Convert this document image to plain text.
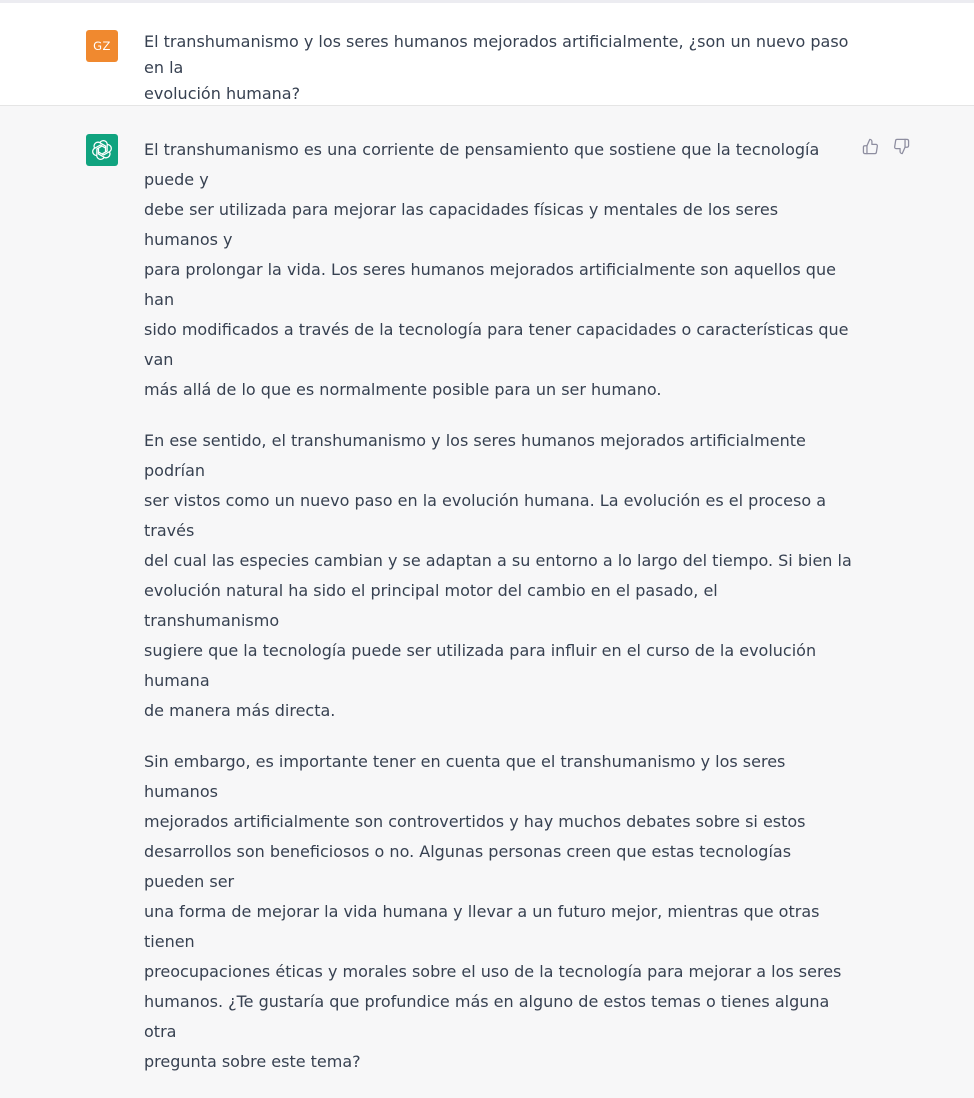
GZ	El transhumanismo y los seres humanos mejorados artificialmente, ¿son un nuevo paso en la
evolución humana?

El transhumanismo es una corriente de pensamiento que sostiene que la tecnología puede y
debe ser utilizada para mejorar las capacidades físicas y mentales de los seres humanos y
para prolongar la vida. Los seres humanos mejorados artificialmente son aquellos que han
sido modificados a través de la tecnología para tener capacidades o características que van
más allá de lo que es normalmente posible para un ser humano.

En ese sentido, el transhumanismo y los seres humanos mejorados artificialmente podrían
ser vistos como un nuevo paso en la evolución humana. La evolución es el proceso a través
del cual las especies cambian y se adaptan a su entorno a lo largo del tiempo. Si bien la
evolución natural ha sido el principal motor del cambio en el pasado, el transhumanismo
sugiere que la tecnología puede ser utilizada para influir en el curso de la evolución humana
de manera más directa.

Sin embargo, es importante tener en cuenta que el transhumanismo y los seres humanos
mejorados artificialmente son controvertidos y hay muchos debates sobre si estos
desarrollos son beneficiosos o no. Algunas personas creen que estas tecnologías pueden ser
una forma de mejorar la vida humana y llevar a un futuro mejor, mientras que otras tienen
preocupaciones éticas y morales sobre el uso de la tecnología para mejorar a los seres
humanos. ¿Te gustaría que profundice más en alguno de estos temas o tienes alguna otra
pregunta sobre este tema?
